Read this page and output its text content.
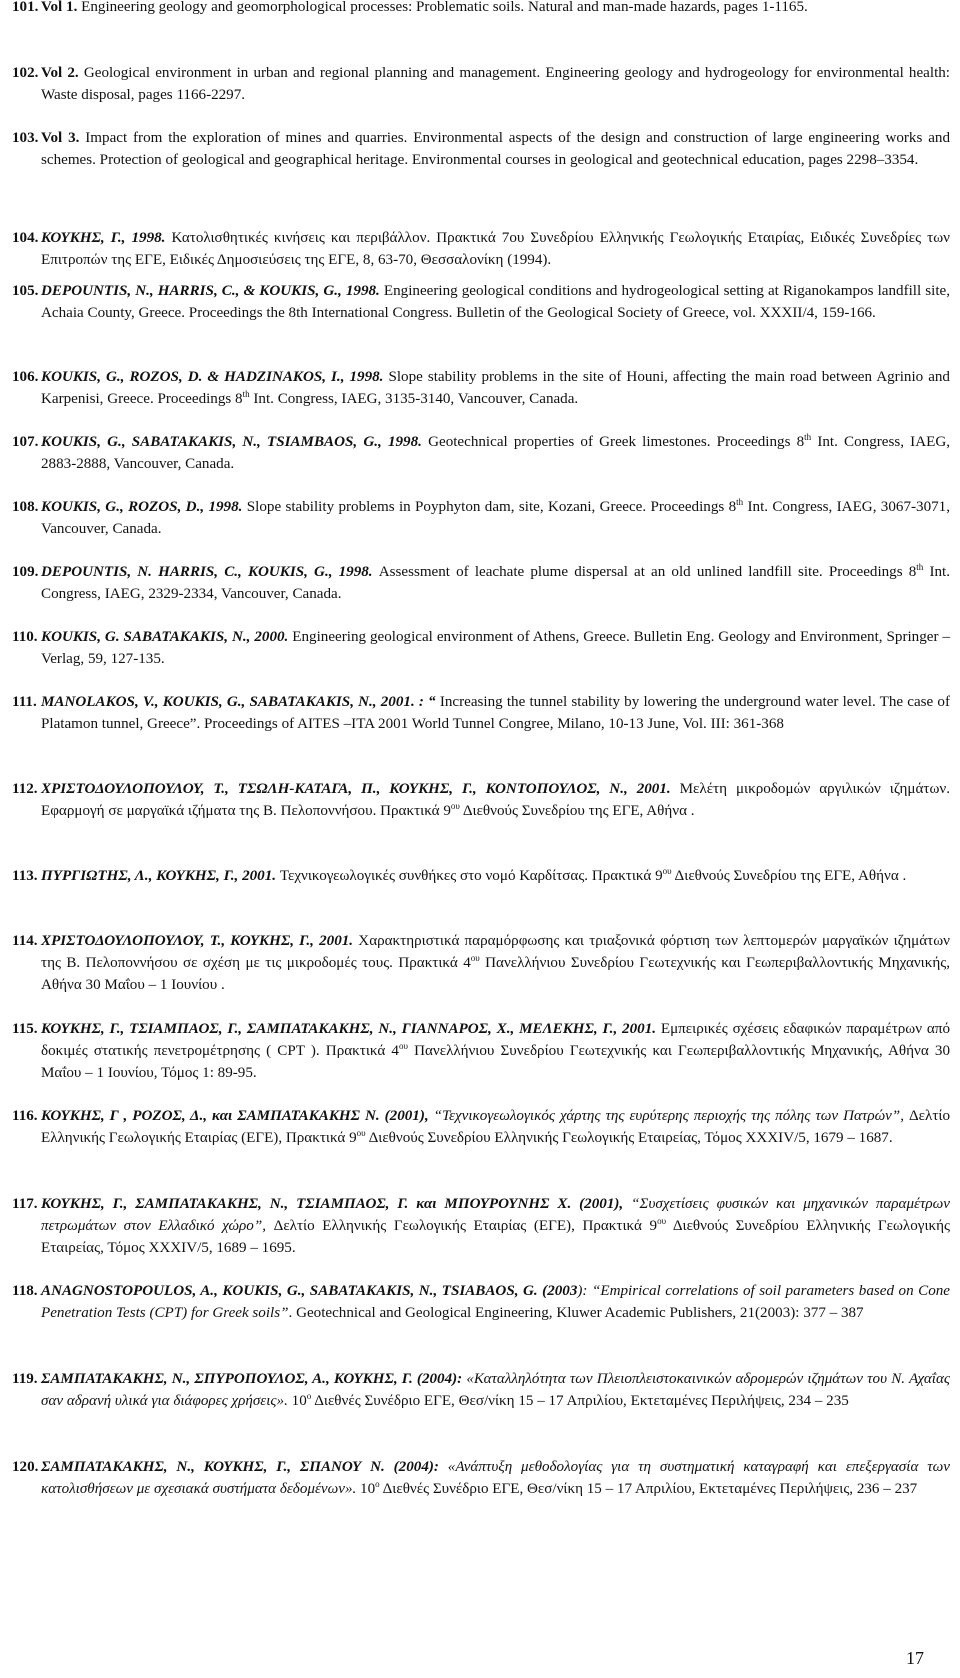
101. Vol 1. Engineering geology and geomorphological processes: Problematic soils. Natural and man-made hazards, pages 1-1165.
102. Vol 2. Geological environment in urban and regional planning and management. Engineering geology and hydrogeology for environmental health: Waste disposal, pages 1166-2297.
103. Vol 3. Impact from the exploration of mines and quarries. Environmental aspects of the design and construction of large engineering works and schemes. Protection of geological and geographical heritage. Environmental courses in geological and geotechnical education, pages 2298–3354.
104. ΚΟΥΚΗΣ, Γ., 1998. Κατολισθητικές κινήσεις και περιβάλλον. Πρακτικά 7ου Συνεδρίου Ελληνικής Γεωλογικής Εταιρίας, Ειδικές Συνεδρίες των Επιτροπών της ΕΓΕ, Ειδικές Δημοσιεύσεις της ΕΓΕ, 8, 63-70, Θεσσαλονίκη (1994).
105. DEPOUNTIS, N., HARRIS, C., & KOUKIS, G., 1998. Engineering geological conditions and hydrogeological setting at Riganokampos landfill site, Achaia County, Greece. Proceedings the 8th International Congress. Bulletin of the Geological Society of Greece, vol. XXXII/4, 159-166.
106. KOUKIS, G., ROZOS, D. & HADZINAKOS, I., 1998. Slope stability problems in the site of Houni, affecting the main road between Agrinio and Karpenisi, Greece. Proceedings 8th Int. Congress, IAEG, 3135-3140, Vancouver, Canada.
107. KOUKIS, G., SABATAKAKIS, N., TSIAMBAOS, G., 1998. Geotechnical properties of Greek limestones. Proceedings 8th Int. Congress, IAEG, 2883-2888, Vancouver, Canada.
108. KOUKIS, G., ROZOS, D., 1998. Slope stability problems in Poyphyton dam, site, Kozani, Greece. Proceedings 8th Int. Congress, IAEG, 3067-3071, Vancouver, Canada.
109. DEPOUNTIS, N. HARRIS, C., KOUKIS, G., 1998. Assessment of leachate plume dispersal at an old unlined landfill site. Proceedings 8th Int. Congress, IAEG, 2329-2334, Vancouver, Canada.
110. KOUKIS, G. SABATAKAKIS, N., 2000. Engineering geological environment of Athens, Greece. Bulletin Eng. Geology and Environment, Springer – Verlag, 59, 127-135.
111. MANOLAKOS, V., KOUKIS, G., SABATAKAKIS, N., 2001. : “ Increasing the tunnel stability by lowering the underground water level. The case of Platamon tunnel, Greece”. Proceedings of AITES –ITA 2001 World Tunnel Congree, Milano, 10-13 June, Vol. III: 361-368
112. ΧΡΙΣΤΟΔΟΥΛΟΠΟΥΛΟΥ, Τ., ΤΣΩΛΗ-ΚΑΤΑΓΑ, Π., ΚΟΥΚΗΣ, Γ., ΚΟΝΤΟΠΟΥΛΟΣ, Ν., 2001. Μελέτη μικροδομών αργιλικών ιζημάτων. Εφαρμογή σε μαργαϊκά ιζήματα της Β. Πελοποννήσου. Πρακτικά $9^{o\upsilon}$ Διεθνούς Συνεδρίου της ΕΓΕ, Αθήνα .
113. ΠΥΡΓΙΩΤΗΣ, Λ., ΚΟΥΚΗΣ, Γ., 2001. Τεχνικογεωλογικές συνθήκες στο νομό Καρδίτσας. Πρακτικά $9^{o\upsilon}$ Διεθνούς Συνεδρίου της ΕΓΕ, Αθήνα .
114. ΧΡΙΣΤΟΔΟΥΛΟΠΟΥΛΟΥ, Τ., ΚΟΥΚΗΣ, Γ., 2001. Χαρακτηριστικά παραμόρφωσης και τριαξονικά φόρτιση των λεπτομερών μαργαϊκών ιζημάτων της Β. Πελοποννήσου σε σχέση με τις μικροδομές τους. Πρακτικά $4^{o\upsilon}$ Πανελλήνιου Συνεδρίου Γεωτεχνικής και Γεωπεριβαλλοντικής Μηχανικής, Αθήνα 30 Μαΐου – 1 Ιουνίου .
115. ΚΟΥΚΗΣ, Γ., ΤΣΙΑΜΠΑΟΣ, Γ., ΣΑΜΠΑΤΑΚΑΚΗΣ, Ν., ΓΙΑΝΝΑΡΟΣ, Χ., ΜΕΛΕΚΗΣ, Γ., 2001. Εμπειρικές σχέσεις εδαφικών παραμέτρων από δοκιμές στατικής πενετρομέτρησης ( CPT ). Πρακτικά $4^{o\upsilon}$ Πανελλήνιου Συνεδρίου Γεωτεχνικής και Γεωπεριβαλλοντικής Μηχανικής, Αθήνα 30 Μαΐου – 1 Ιουνίου, Τόμος 1: 89-95.
116. ΚΟΥΚΗΣ, Γ , ΡΟΖΟΣ, Δ., και ΣΑΜΠΑΤΑΚΑΚΗΣ Ν. (2001), “Τεχνικογεωλογικός χάρτης της ευρύτερης περιοχής της πόλης των Πατρών”, Δελτίο Ελληνικής Γεωλογικής Εταιρίας (ΕΓΕ), Πρακτικά $9^{o\upsilon}$ Διεθνούς Συνεδρίου Ελληνικής Γεωλογικής Εταιρείας, Τόμος XXXIV/5, 1679 – 1687.
117. ΚΟΥΚΗΣ, Γ., ΣΑΜΠΑΤΑΚΑΚΗΣ, Ν., ΤΣΙΑΜΠΑΟΣ, Γ. και ΜΠΟΥΡΟΥΝΗΣ Χ. (2001), “Συσχετίσεις φυσικών και μηχανικών παραμέτρων πετρωμάτων στον Ελλαδικό χώρο”, Δελτίο Ελληνικής Γεωλογικής Εταιρίας (ΕΓΕ), Πρακτικά $9^{o\upsilon}$ Διεθνούς Συνεδρίου Ελληνικής Γεωλογικής Εταιρείας, Τόμος XXXIV/5, 1689 – 1695.
118. ANAGNOSTOPOULOS, A., KOUKIS, G., SABATAKAKIS, N., TSIABAOS, G. (2003): “Empirical correlations of soil parameters based on Cone Penetration Tests (CPT) for Greek soils”. Geotechnical and Geological Engineering, Kluwer Academic Publishers, 21(2003): 377 – 387
119. ΣΑΜΠΑΤΑΚΑΚΗΣ, Ν., ΣΠΥΡΟΠΟΥΛΟΣ, Α., ΚΟΥΚΗΣ, Γ. (2004): «Καταλληλότητα των Πλειοπλειστοκαινικών αδρομερών ιζημάτων του Ν. Αχαΐας σαν αδρανή υλικά για διάφορες χρήσεις». $10^o$ Διεθνές Συνέδριο ΕΓΕ, Θεσ/νίκη 15 – 17 Απριλίου, Εκτεταμένες Περιλήψεις, 234 – 235
120. ΣΑΜΠΑΤΑΚΑΚΗΣ, Ν., ΚΟΥΚΗΣ, Γ., ΣΠΑΝΟΥ Ν. (2004): «Ανάπτυξη μεθοδολογίας για τη συστηματική καταγραφή και επεξεργασία των κατολισθήσεων με σχεσιακά συστήματα δεδομένων». $10^o$ Διεθνές Συνέδριο ΕΓΕ, Θεσ/νίκη 15 – 17 Απριλίου, Εκτεταμένες Περιλήψεις, 236 – 237
17
